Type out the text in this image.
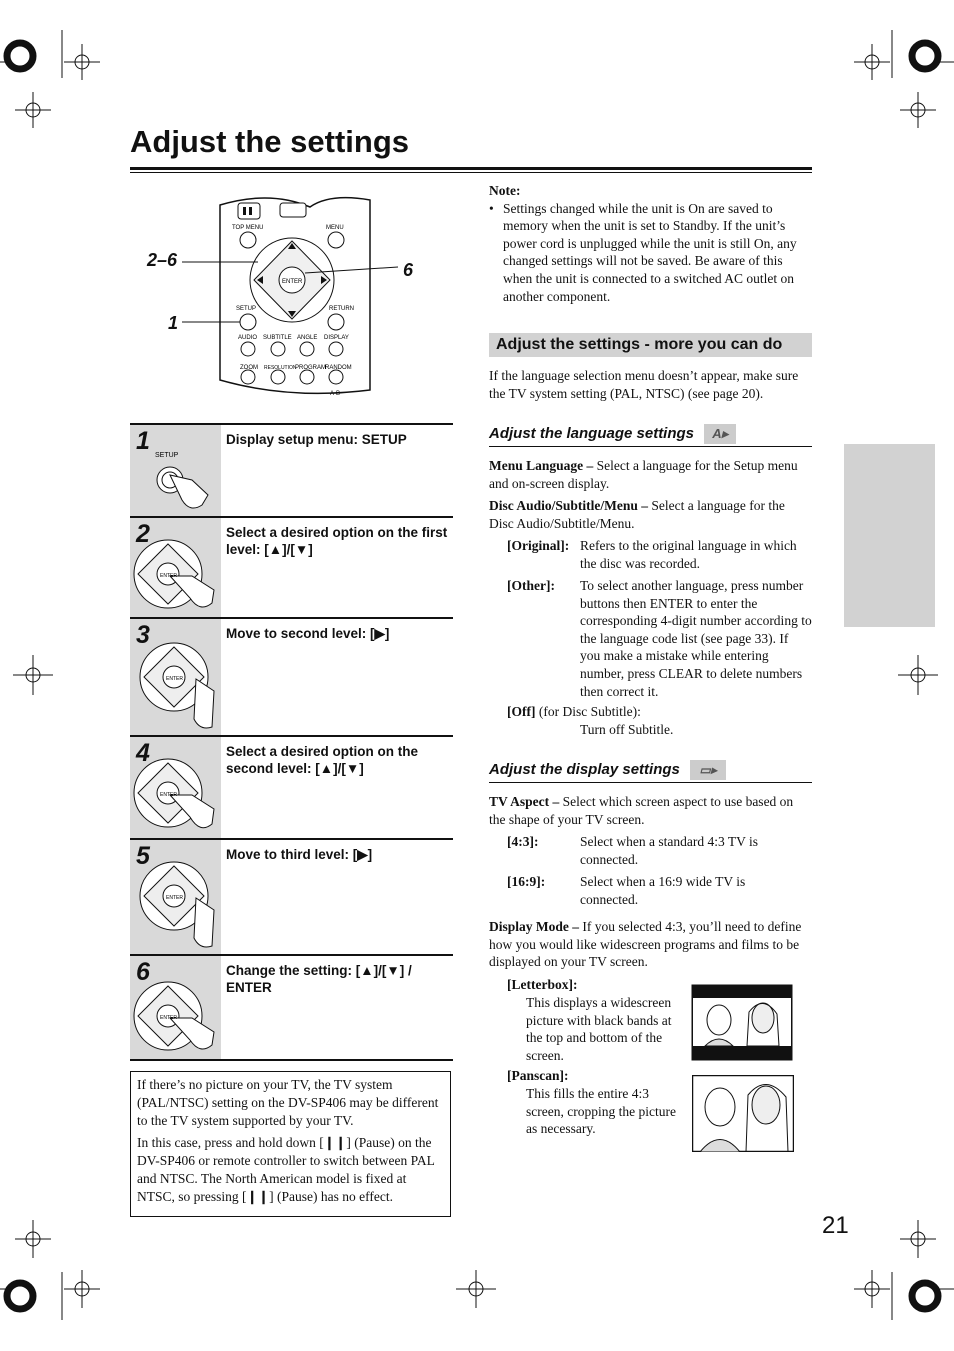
Adjust the settings
21
TOP MENU	MENU
ENTER
SETUP	RETURN
AUDIO SUBTITLE ANGLE DISPLAY
ZOOM RESOLUTION
PROGRAM
RANDOM
A-B
2–6	6
1
SETUP
1	Display setup menu: SETUP
ENTER
2	Select a desired option on the first level: [▲]/[▼]
ENTER
3	Move to second level: [▶]
ENTER
4	Select a desired option on the second level: [▲]/[▼]
ENTER
5	Move to third level: [▶]
ENTER
6	Change the setting: [▲]/[▼] / ENTER

If there’s no picture on your TV, the TV system (PAL/NTSC) setting on the DV-SP406 may be different to the TV system supported by your TV.

In this case, press and hold down [❙❙] (Pause) on the DV-SP406 or remote controller to switch between PAL and NTSC. The North American model is fixed at NTSC, so pressing [❙❙] (Pause) has no effect.

Note:
• Settings changed while the unit is On are saved to memory when the unit is set to Standby. If the unit’s power cord is unplugged while the unit is still On, any changed settings will not be saved. Be aware of this when the unit is connected to a switched AC outlet on another component.
Adjust the settings - more you can do
If the language selection menu doesn’t appear, make sure the TV system setting (PAL, NTSC) (see page 20).
Adjust the language settings A▸
Menu Language – Select a language for the Setup menu and on-screen display.
Disc Audio/Subtitle/Menu – Select a language for the Disc Audio/Subtitle/Menu.
[Original]: Refers to the original language in which the disc was recorded.
[Other]: To select another language, press number buttons then ENTER to enter the corresponding 4-digit number according to the language code list (see page 33). If you make a mistake while entering number, press CLEAR to delete numbers then correct it.
[Off] (for Disc Subtitle):
Turn off Subtitle.
Adjust the display settings ▭▸
TV Aspect – Select which screen aspect to use based on the shape of your TV screen.
[4:3]:	Select when a standard 4:3 TV is connected.
[16:9]:	Select when a 16:9 wide TV is connected.
Display Mode – If you selected 4:3, you’ll need to define how you would like widescreen programs and films to be displayed on your TV screen.
[Letterbox]:
This displays a widescreen picture with black bands at the top and bottom of the screen.
[Panscan]:
This fills the entire 4:3 screen, cropping the picture as necessary.
